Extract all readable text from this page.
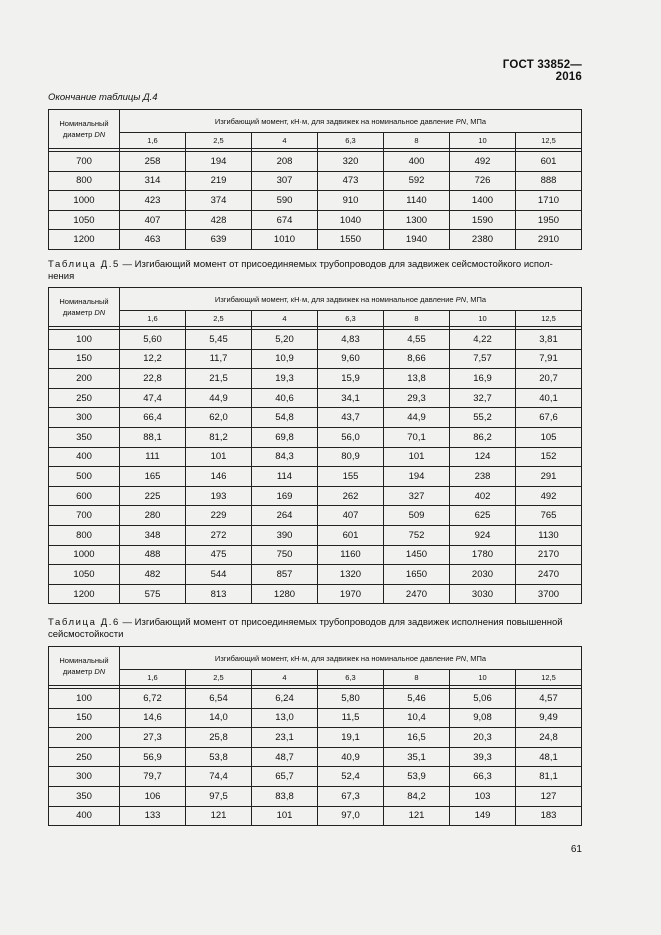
ГОСТ 33852—2016
Окончание таблицы Д.4
Номинальный
диаметр DN	Изгибающий момент, кН·м, для задвижек на номинальное давление PN, МПа						
	1,6	2,5	4	6,3	8	10	12,5

700	258	194	208	320	400	492	601
800	314	219	307	473	592	726	888
1000	423	374	590	910	1140	1400	1710
1050	407	428	674	1040	1300	1590	1950
1200	463	639	1010	1550	1940	2380	2910
Таблица Д.5 — Изгибающий момент от присоединяемых трубопроводов для задвижек сейсмостойкого испол-
нения
Номинальный
диаметр DN	Изгибающий момент, кН·м, для задвижек на номинальное давление PN, МПа						
	1,6	2,5	4	6,3	8	10	12,5

100	5,60	5,45	5,20	4,83	4,55	4,22	3,81
150	12,2	11,7	10,9	9,60	8,66	7,57	7,91
200	22,8	21,5	19,3	15,9	13,8	16,9	20,7
250	47,4	44,9	40,6	34,1	29,3	32,7	40,1
300	66,4	62,0	54,8	43,7	44,9	55,2	67,6
350	88,1	81,2	69,8	56,0	70,1	86,2	105
400	111	101	84,3	80,9	101	124	152
500	165	146	114	155	194	238	291
600	225	193	169	262	327	402	492
700	280	229	264	407	509	625	765
800	348	272	390	601	752	924	1130
1000	488	475	750	1160	1450	1780	2170
1050	482	544	857	1320	1650	2030	2470
1200	575	813	1280	1970	2470	3030	3700
Таблица Д.6 — Изгибающий момент от присоединяемых трубопроводов для задвижек исполнения повышенной
сейсмостойкости
Номинальный
диаметр DN	Изгибающий момент, кН·м, для задвижек на номинальное давление PN, МПа						
	1,6	2,5	4	6,3	8	10	12,5

100	6,72	6,54	6,24	5,80	5,46	5,06	4,57
150	14,6	14,0	13,0	11,5	10,4	9,08	9,49
200	27,3	25,8	23,1	19,1	16,5	20,3	24,8
250	56,9	53,8	48,7	40,9	35,1	39,3	48,1
300	79,7	74,4	65,7	52,4	53,9	66,3	81,1
350	106	97,5	83,8	67,3	84,2	103	127
400	133	121	101	97,0	121	149	183
61
